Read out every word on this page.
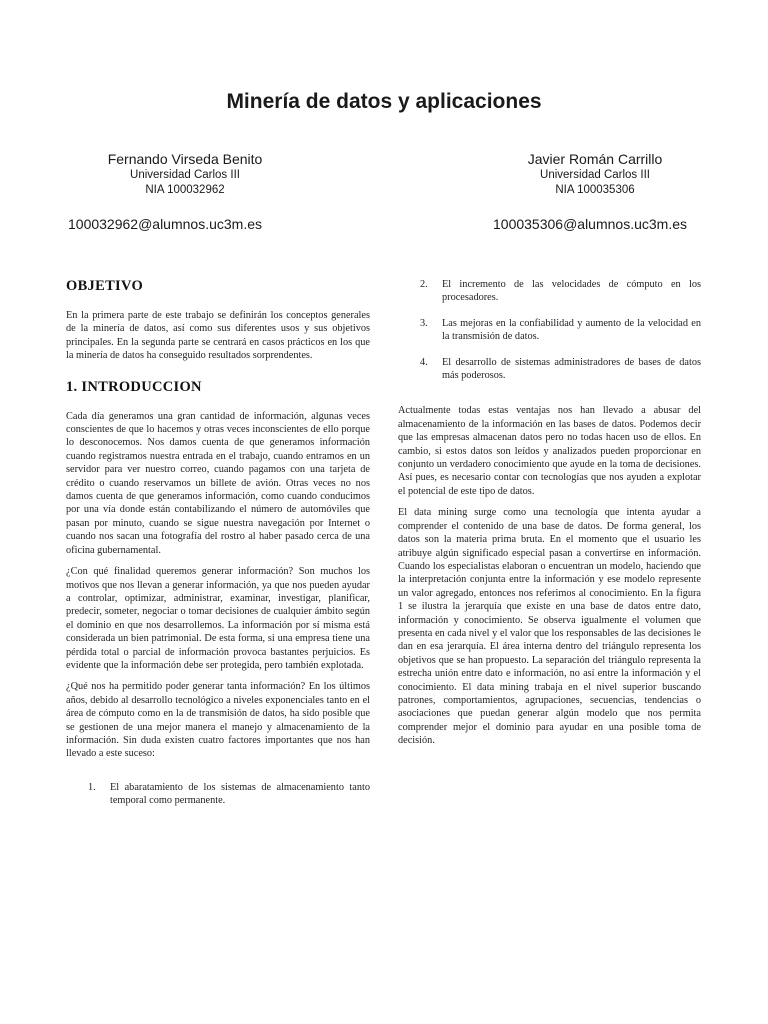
Minería de datos y aplicaciones
Fernando Virseda Benito
Universidad Carlos III
NIA 100032962
Javier Román Carrillo
Universidad Carlos III
NIA 100035306
100032962@alumnos.uc3m.es	100035306@alumnos.uc3m.es
OBJETIVO

En la primera parte de este trabajo se definirán los conceptos generales de la minería de datos, así como sus diferentes usos y sus objetivos principales. En la segunda parte se centrará en casos prácticos en los que la minería de datos ha conseguido resultados sorprendentes.

1. INTRODUCCION

Cada día generamos una gran cantidad de información, algunas veces conscientes de que lo hacemos y otras veces inconscientes de ello porque lo desconocemos. Nos damos cuenta de que generamos información cuando registramos nuestra entrada en el trabajo, cuando entramos en un servidor para ver nuestro correo, cuando pagamos con una tarjeta de crédito o cuando reservamos un billete de avión. Otras veces no nos damos cuenta de que generamos información, como cuando conducimos por una vía donde están contabilizando el número de automóviles que pasan por minuto, cuando se sigue nuestra navegación por Internet o cuando nos sacan una fotografía del rostro al haber pasado cerca de una oficina gubernamental.

¿Con qué finalidad queremos generar información? Son muchos los motivos que nos llevan a generar información, ya que nos pueden ayudar a controlar, optimizar, administrar, examinar, investigar, planificar, predecir, someter, negociar o tomar decisiones de cualquier ámbito según el dominio en que nos desarrollemos. La información por sí misma está considerada un bien patrimonial. De esta forma, si una empresa tiene una pérdida total o parcial de información provoca bastantes perjuicios. Es evidente que la información debe ser protegida, pero también explotada.

¿Qué nos ha permitido poder generar tanta información? En los últimos años, debido al desarrollo tecnológico a niveles exponenciales tanto en el área de cómputo como en la de transmisión de datos, ha sido posible que se gestionen de una mejor manera el manejo y almacenamiento de la información. Sin duda existen cuatro factores importantes que nos han llevado a este suceso:

1.	El abaratamiento de los sistemas de almacenamiento tanto temporal como permanente.
2.	El incremento de las velocidades de cómputo en los procesadores.
3.	Las mejoras en la confiabilidad y aumento de la velocidad en la transmisión de datos.
4.	El desarrollo de sistemas administradores de bases de datos más poderosos.

Actualmente todas estas ventajas nos han llevado a abusar del almacenamiento de la información en las bases de datos. Podemos decir que las empresas almacenan datos pero no todas hacen uso de ellos. En cambio, si estos datos son leídos y analizados pueden proporcionar en conjunto un verdadero conocimiento que ayude en la toma de decisiones. Así pues, es necesario contar con tecnologías que nos ayuden a explotar el potencial de este tipo de datos.

El data mining surge como una tecnología que intenta ayudar a comprender el contenido de una base de datos. De forma general, los datos son la materia prima bruta. En el momento que el usuario les atribuye algún significado especial pasan a convertirse en información. Cuando los especialistas elaboran o encuentran un modelo, haciendo que la interpretación conjunta entre la información y ese modelo represente un valor agregado, entonces nos referimos al conocimiento. En la figura 1 se ilustra la jerarquía que existe en una base de datos entre dato, información y conocimiento. Se observa igualmente el volumen que presenta en cada nivel y el valor que los responsables de las decisiones le dan en esa jerarquía. El área interna dentro del triángulo representa los objetivos que se han propuesto. La separación del triángulo representa la estrecha unión entre dato e información, no así entre la información y el conocimiento. El data mining trabaja en el nivel superior buscando patrones, comportamientos, agrupaciones, secuencias, tendencias o asociaciones que puedan generar algún modelo que nos permita comprender mejor el dominio para ayudar en una posible toma de decisión.
